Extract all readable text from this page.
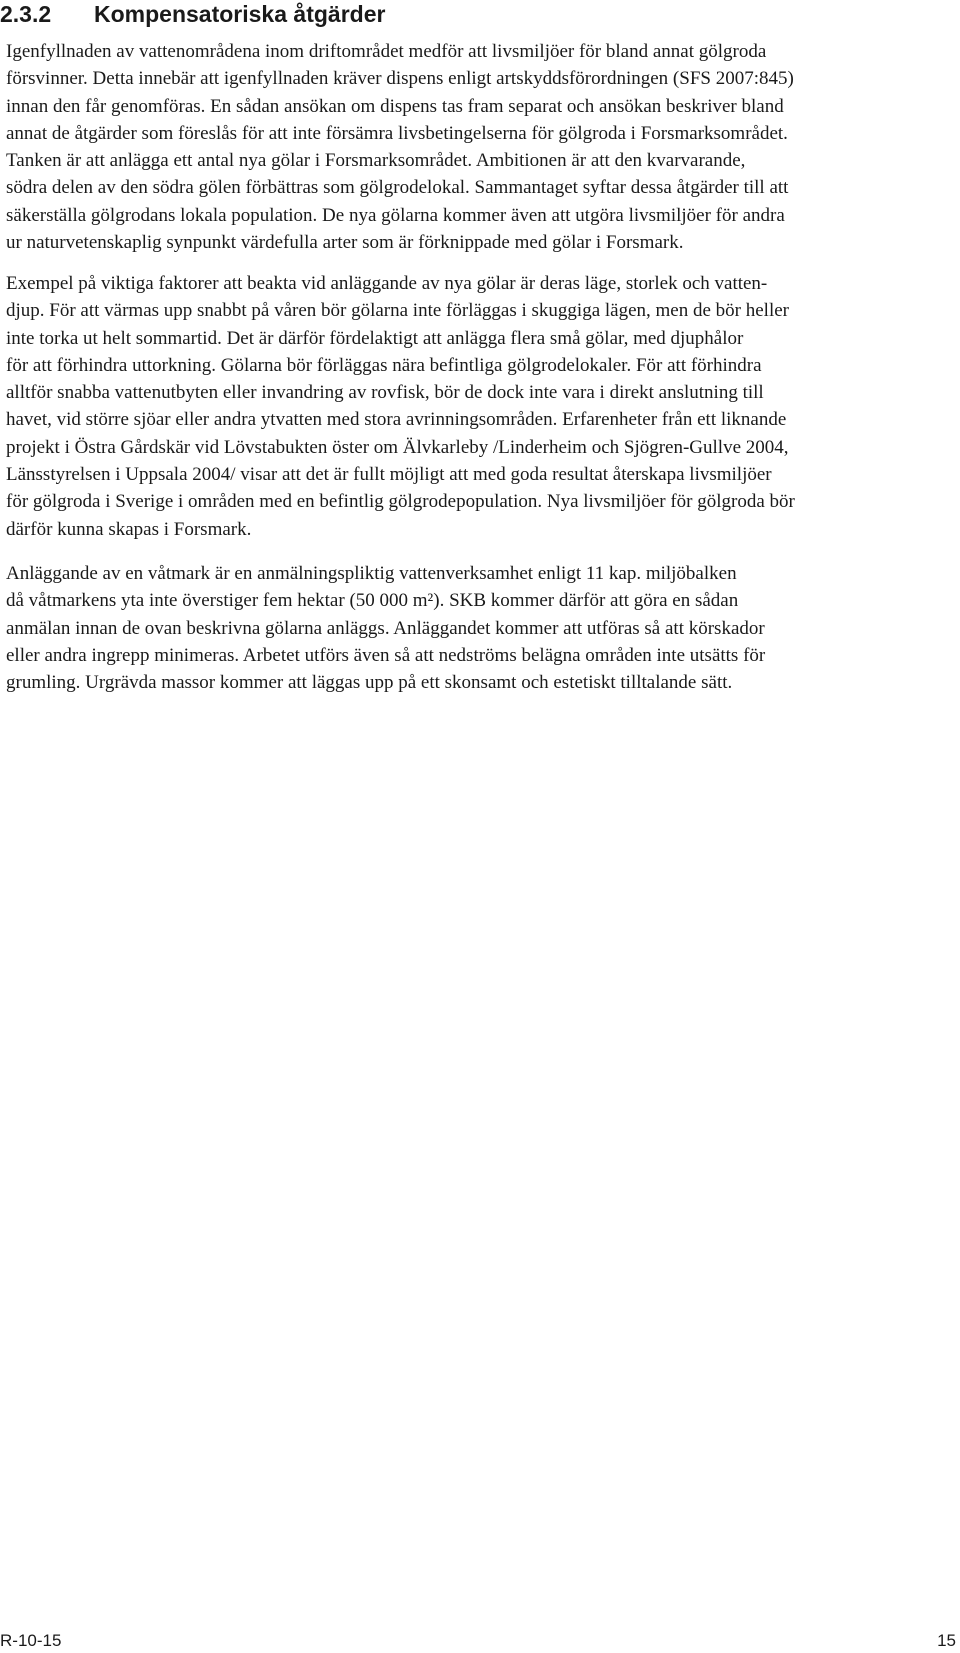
2.3.2 Kompensatoriska åtgärder

Igenfyllnaden av vattenområdena inom driftområdet medför att livsmiljöer för bland annat gölgroda
försvinner. Detta innebär att igenfyllnaden kräver dispens enligt artskyddsförordningen (SFS 2007:845)
innan den får genomföras. En sådan ansökan om dispens tas fram separat och ansökan beskriver bland
annat de åtgärder som föreslås för att inte försämra livsbetingelserna för gölgroda i Forsmarksområdet.
Tanken är att anlägga ett antal nya gölar i Forsmarksområdet. Ambitionen är att den kvarvarande,
södra delen av den södra gölen förbättras som gölgrodelokal. Sammantaget syftar dessa åtgärder till att
säkerställa gölgrodans lokala population. De nya gölarna kommer även att utgöra livsmiljöer för andra
ur naturvetenskaplig synpunkt värdefulla arter som är förknippade med gölar i Forsmark.

Exempel på viktiga faktorer att beakta vid anläggande av nya gölar är deras läge, storlek och vatten-
djup. För att värmas upp snabbt på våren bör gölarna inte förläggas i skuggiga lägen, men de bör heller
inte torka ut helt sommartid. Det är därför fördelaktigt att anlägga flera små gölar, med djuphålor
för att förhindra uttorkning. Gölarna bör förläggas nära befintliga gölgrodelokaler. För att förhindra
alltför snabba vattenutbyten eller invandring av rovfisk, bör de dock inte vara i direkt anslutning till
havet, vid större sjöar eller andra ytvatten med stora avrinningsområden. Erfarenheter från ett liknande
projekt i Östra Gårdskär vid Lövstabukten öster om Älvkarleby /Linderheim och Sjögren-Gullve 2004,
Länsstyrelsen i Uppsala 2004/ visar att det är fullt möjligt att med goda resultat återskapa livsmiljöer
för gölgroda i Sverige i områden med en befintlig gölgrodepopulation. Nya livsmiljöer för gölgroda bör
därför kunna skapas i Forsmark.

Anläggande av en våtmark är en anmälningspliktig vattenverksamhet enligt 11 kap. miljöbalken
då våtmarkens yta inte överstiger fem hektar (50 000 m²). SKB kommer därför att göra en sådan
anmälan innan de ovan beskrivna gölarna anläggs. Anläggandet kommer att utföras så att körskador
eller andra ingrepp minimeras. Arbetet utförs även så att nedströms belägna områden inte utsätts för
grumling. Urgrävda massor kommer att läggas upp på ett skonsamt och estetiskt tilltalande sätt.

R-10-15	15
